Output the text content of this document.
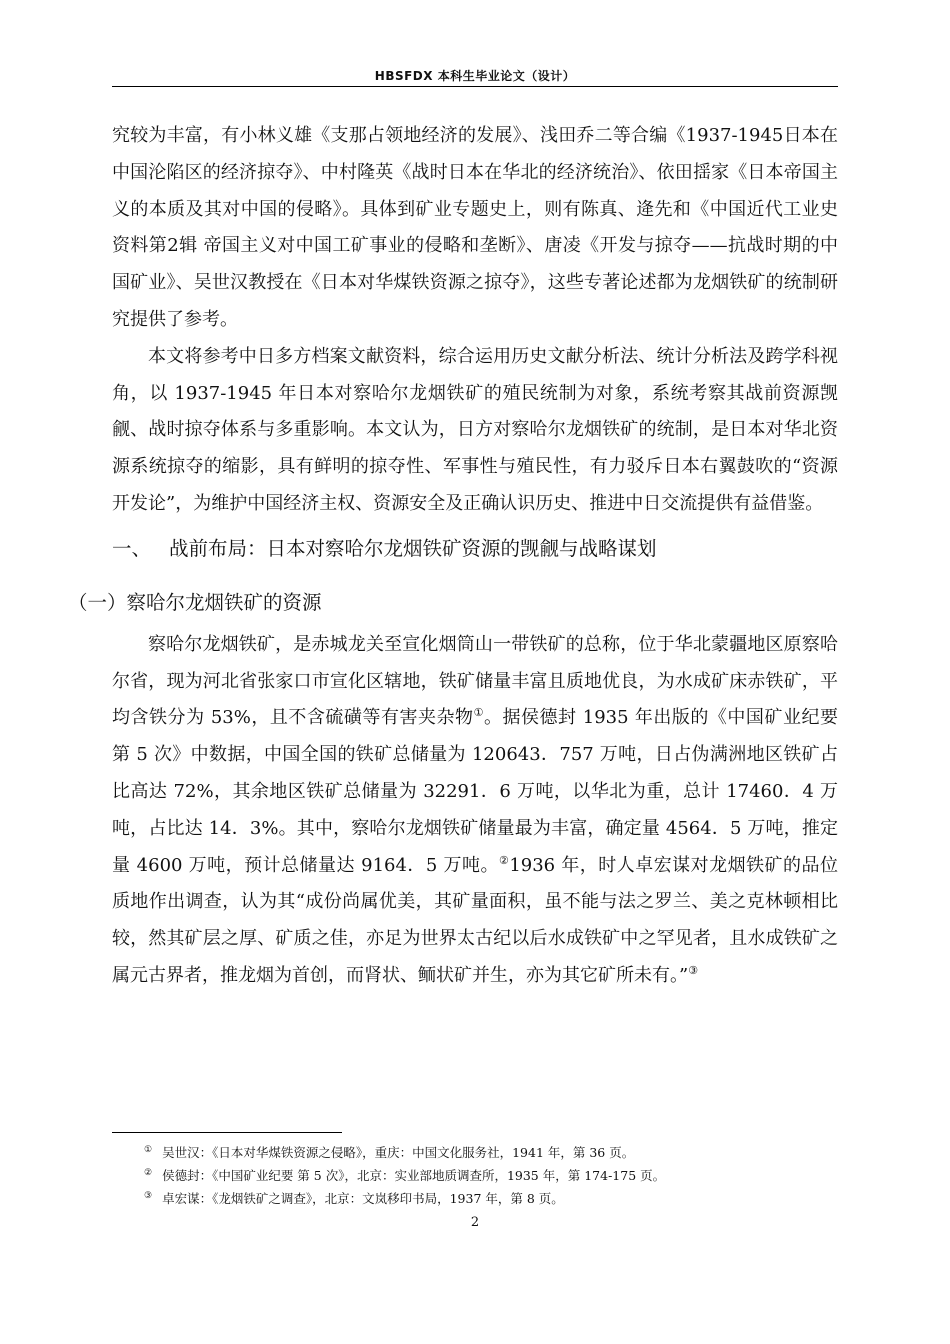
HBSFDX 本科生毕业论文（设计）

究较为丰富，有小林义雄《支那占领地经济的发展》、浅田乔二等合编《1937-1945日本在中国沦陷区的经济掠夺》、中村隆英《战时日本在华北的经济统治》、依田揺家《日本帝国主义的本质及其对中国的侵略》。具体到矿业专题史上，则有陈真、逄先和《中国近代工业史资料第2辑 帝国主义对中国工矿事业的侵略和垄断》、唐凌《开发与掠夺——抗战时期的中国矿业》、吴世汉教授在《日本对华煤铁资源之掠夺》，这些专著论述都为龙烟铁矿的统制研究提供了参考。

本文将参考中日多方档案文献资料，综合运用历史文献分析法、统计分析法及跨学科视角，以 1937-1945 年日本对察哈尔龙烟铁矿的殖民统制为对象，系统考察其战前资源觊觎、战时掠夺体系与多重影响。本文认为，日方对察哈尔龙烟铁矿的统制，是日本对华北资源系统掠夺的缩影，具有鲜明的掠夺性、军事性与殖民性，有力驳斥日本右翼鼓吹的“资源开发论”，为维护中国经济主权、资源安全及正确认识历史、推进中日交流提供有益借鉴。

一、 战前布局：日本对察哈尔龙烟铁矿资源的觊觎与战略谋划

（一）察哈尔龙烟铁矿的资源

察哈尔龙烟铁矿，是赤城龙关至宣化烟筒山一带铁矿的总称，位于华北蒙疆地区原察哈尔省，现为河北省张家口市宣化区辖地，铁矿储量丰富且质地优良，为水成矿床赤铁矿，平均含铁分为 53%，且不含硫磺等有害夹杂物①。据侯德封 1935 年出版的《中国矿业纪要 第 5 次》中数据，中国全国的铁矿总储量为 120643．757 万吨，日占伪满洲地区铁矿占比高达 72%，其余地区铁矿总储量为 32291．6 万吨，以华北为重，总计 17460．4 万吨，占比达 14．3%。其中，察哈尔龙烟铁矿储量最为丰富，确定量 4564．5 万吨，推定量 4600 万吨，预计总储量达 9164．5 万吨。②1936 年，时人卓宏谋对龙烟铁矿的品位质地作出调查，认为其“成份尚属优美，其矿量面积，虽不能与法之罗兰、美之克林顿相比较，然其矿层之厚、矿质之佳，亦足为世界太古纪以后水成铁矿中之罕见者，且水成铁矿之属元古界者，推龙烟为首创，而肾状、鲕状矿并生，亦为其它矿所未有。”③

① 吴世汉：《日本对华煤铁资源之侵略》，重庆：中国文化服务社，1941 年，第 36 页。

② 侯德封：《中国矿业纪要 第 5 次》，北京：实业部地质调查所，1935 年，第 174-175 页。

③ 卓宏谋：《龙烟铁矿之调查》，北京：文岚移印书局，1937 年，第 8 页。

2
